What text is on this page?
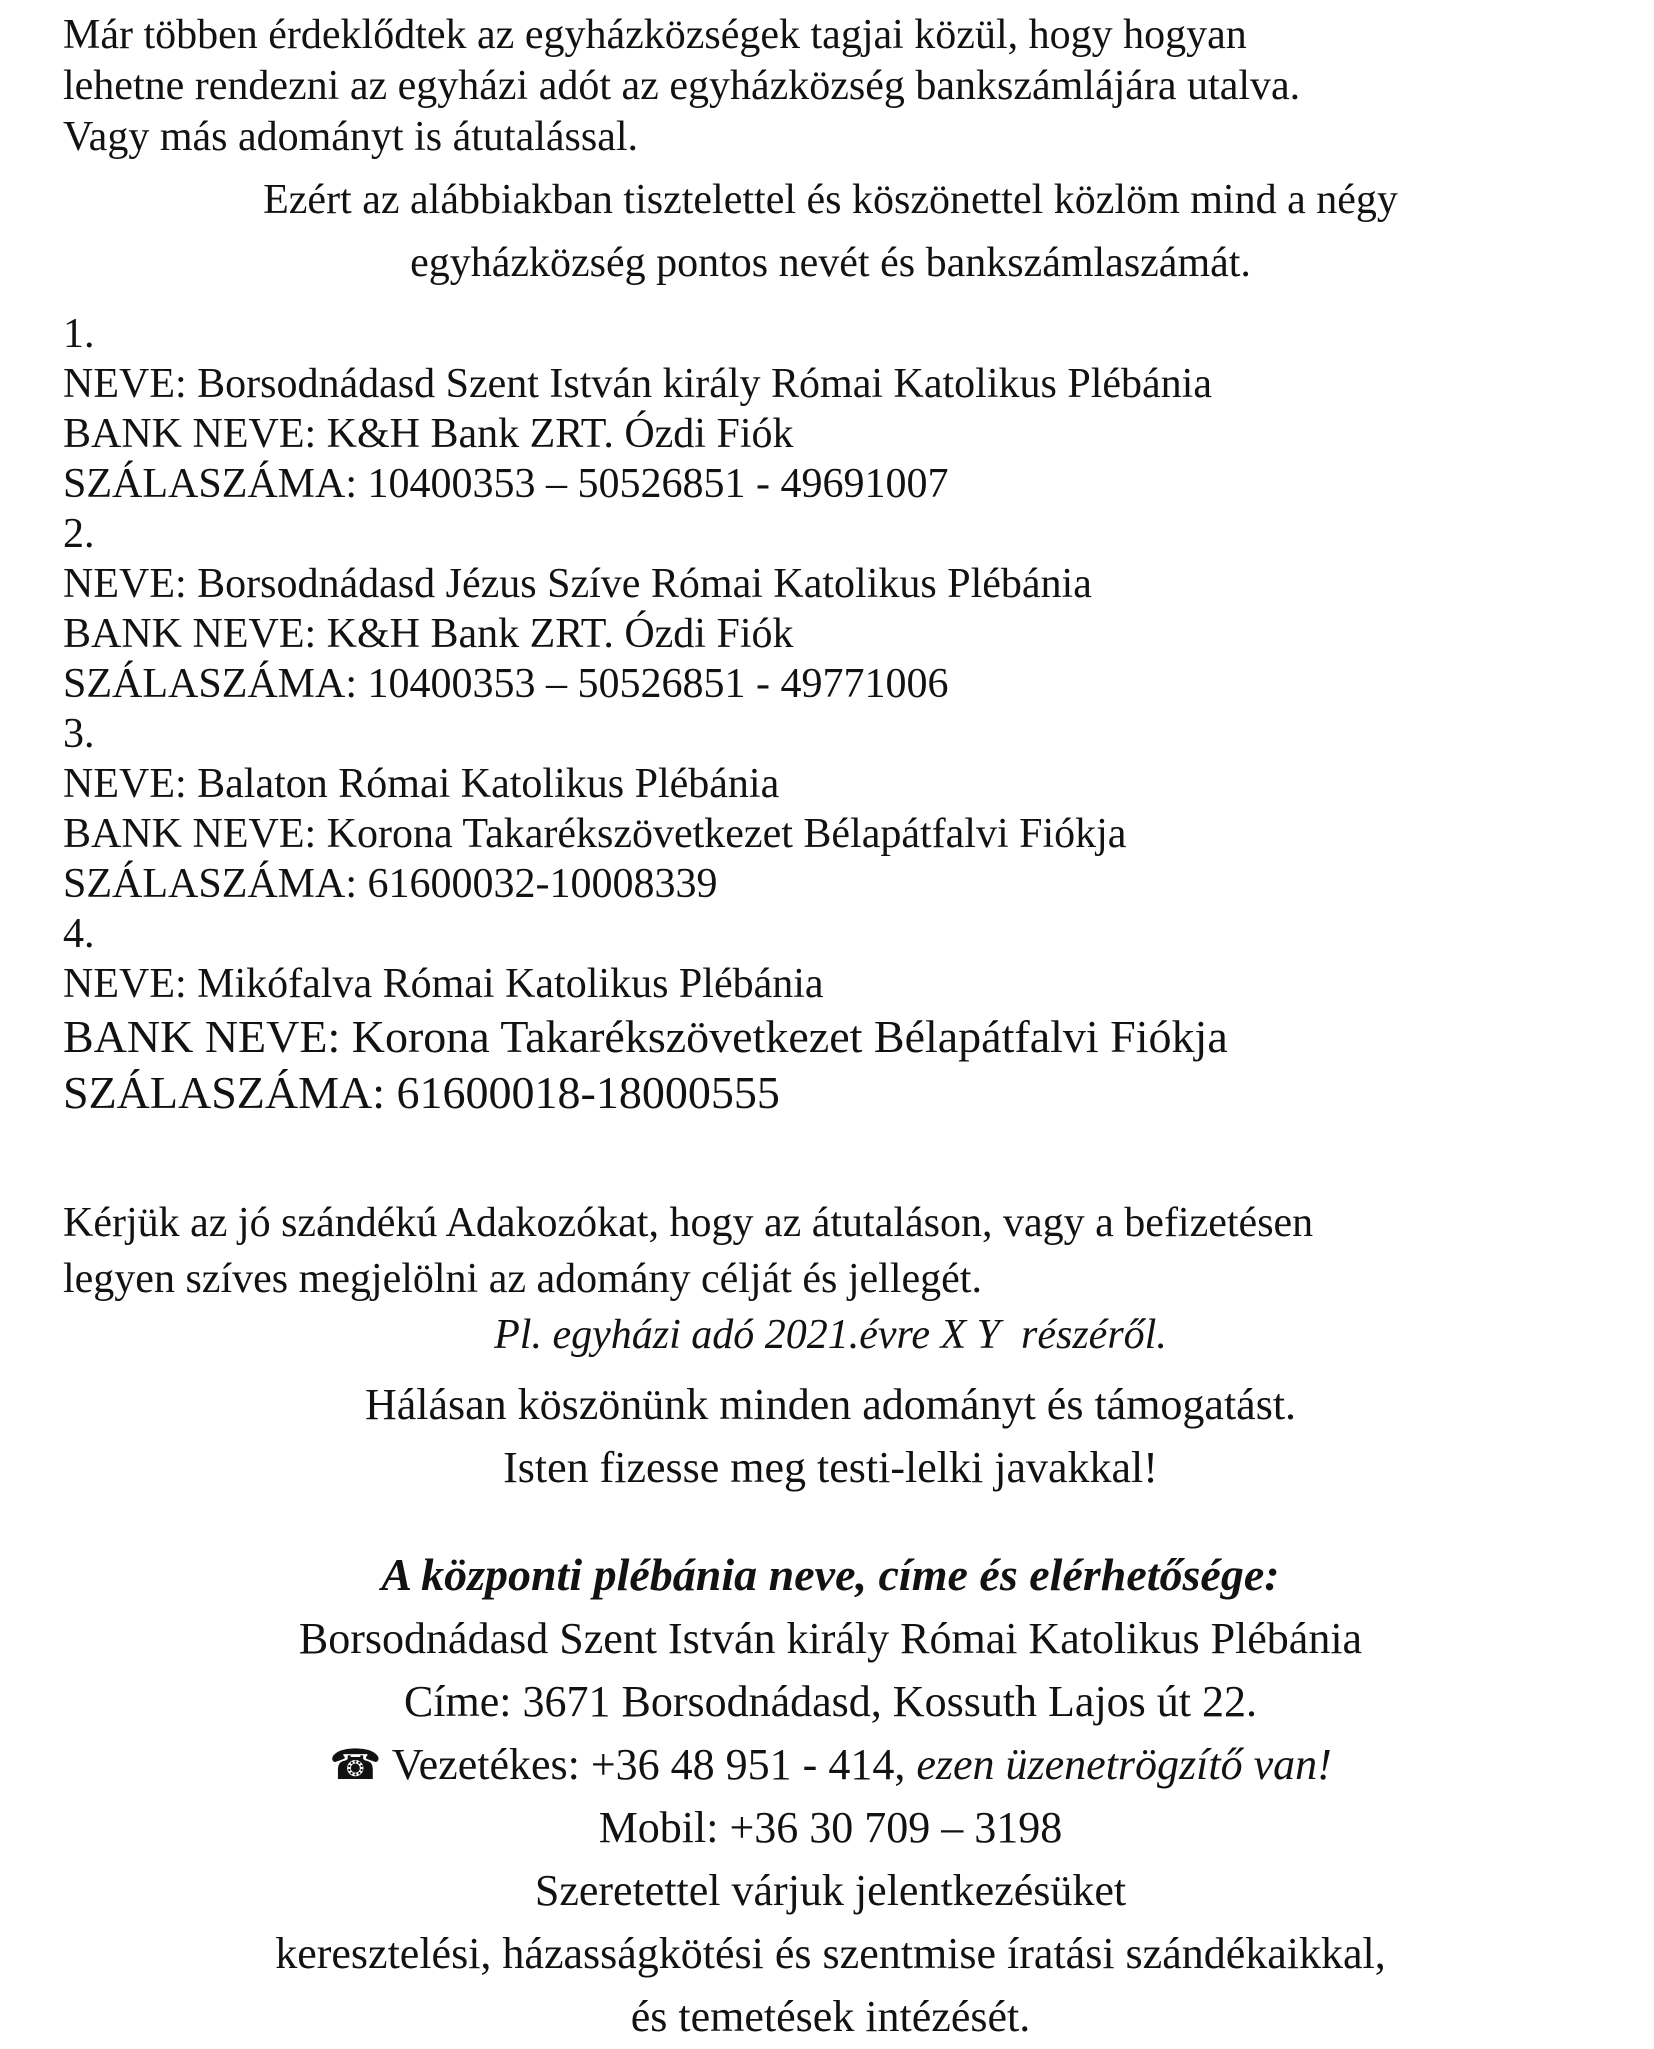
Már többen érdeklődtek az egyházközségek tagjai közül, hogy hogyan
lehetne rendezni az egyházi adót az egyházközség bankszámlájára utalva.
Vagy más adományt is átutalással.
Ezért az alábbiakban tisztelettel és köszönettel közlöm mind a négy
egyházközség pontos nevét és bankszámlaszámát.
1.
NEVE: Borsodnádasd Szent István király Római Katolikus Plébánia
BANK NEVE: K&H Bank ZRT. Ózdi Fiók
SZÁLASZÁMA: 10400353 – 50526851 - 49691007
2.
NEVE: Borsodnádasd Jézus Szíve Római Katolikus Plébánia
BANK NEVE: K&H Bank ZRT. Ózdi Fiók
SZÁLASZÁMA: 10400353 – 50526851 - 49771006
3.
NEVE: Balaton Római Katolikus Plébánia
BANK NEVE: Korona Takarékszövetkezet Bélapátfalvi Fiókja
SZÁLASZÁMA: 61600032-10008339
4.
NEVE: Mikófalva Római Katolikus Plébánia
BANK NEVE: Korona Takarékszövetkezet Bélapátfalvi Fiókja
SZÁLASZÁMA: 61600018-18000555
Kérjük az jó szándékú Adakozókat, hogy az átutaláson, vagy a befizetésen
legyen szíves megjelölni az adomány célját és jellegét.
Pl. egyházi adó 2021.évre X Y  részéről.
Hálásan köszönünk minden adományt és támogatást.
Isten fizesse meg testi-lelki javakkal!
A központi plébánia neve, címe és elérhetősége:
Borsodnádasd Szent István király Római Katolikus Plébánia
Címe: 3671 Borsodnádasd, Kossuth Lajos út 22.
☎ Vezetékes: +36 48 951 - 414, ezen üzenetrögzítő van!
Mobil: +36 30 709 – 3198
Szeretettel várjuk jelentkezésüket
keresztelési, házasságkötési és szentmise íratási szándékaikkal,
és temetések intézését.
